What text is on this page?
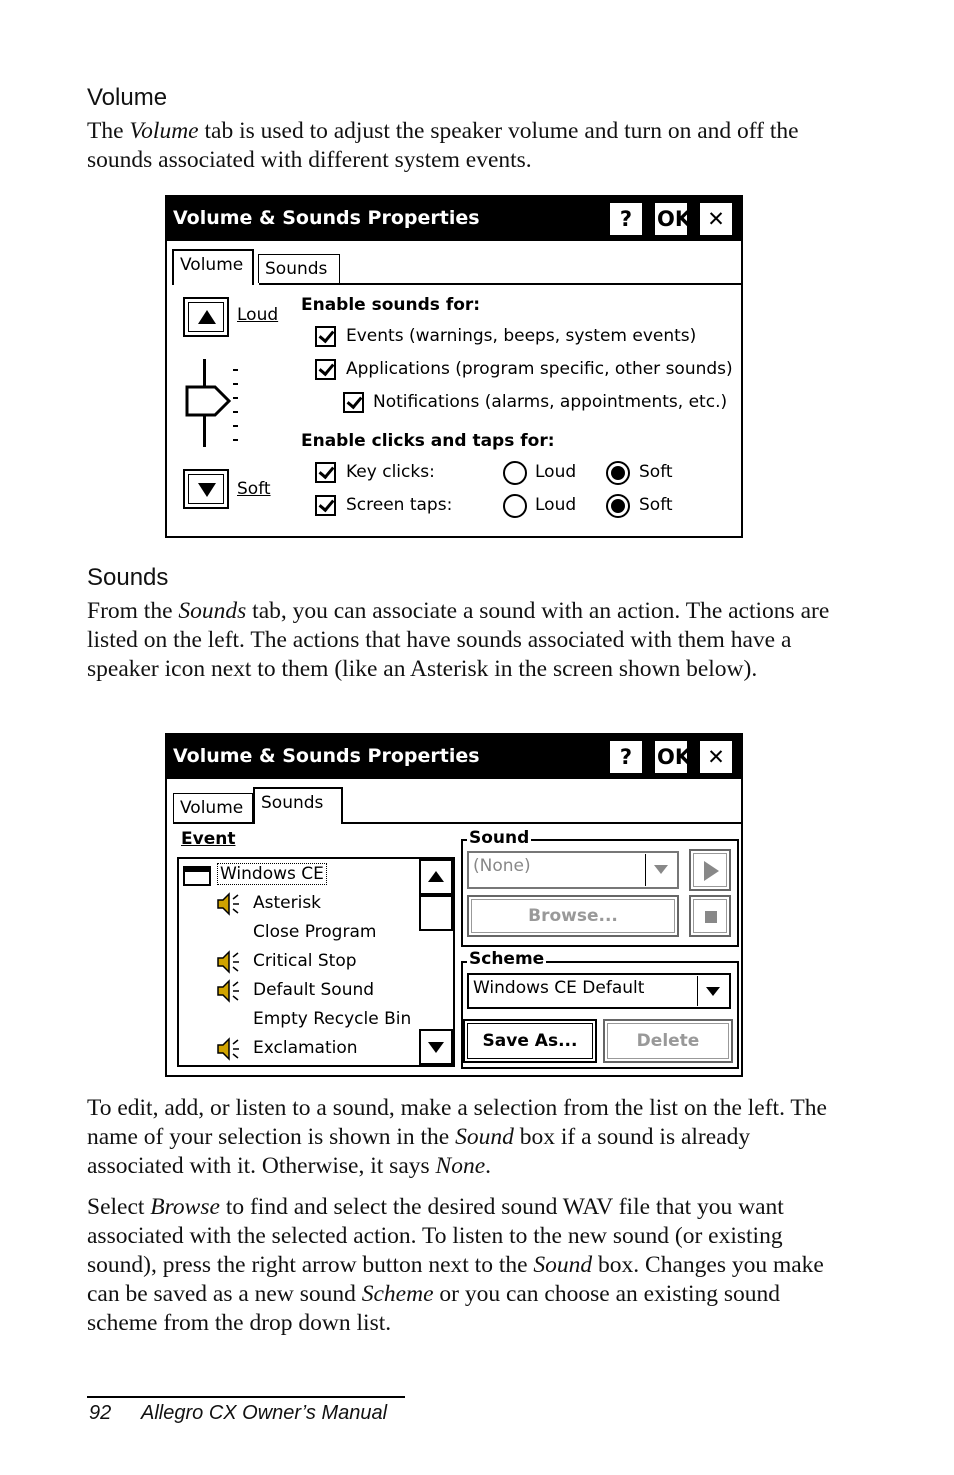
Volume

The Volume tab is used to adjust the speaker volume and turn on and off the sounds associated with different system events.

Volume & Sounds Properties	?	OK ✕
Volume	Sounds
Loud
Soft
Enable sounds for:
Events (warnings, beeps, system events)
Applications (program specific, other sounds)
Notifications (alarms, appointments, etc.)
Enable clicks and taps for:
Key clicks:	Loud	Soft
Screen taps:	Loud	Soft
Sounds

From the Sounds tab, you can associate a sound with an action. The actions are listed on the left. The actions that have sounds associated with them have a speaker icon next to them (like an Asterisk in the screen shown below).

Volume & Sounds Properties	?	OK ✕
Volume	Sounds
Event
Windows CE
Asterisk
Close Program
Critical Stop
Default Sound
Empty Recycle Bin
Exclamation
Sound
(None)
Browse...
Scheme
Windows CE Default
Save As...	Delete

To edit, add, or listen to a sound, make a selection from the list on the left. The name of your selection is shown in the Sound box if a sound is already associated with it. Otherwise, it says None.

Select Browse to find and select the desired sound WAV file that you want associated with the selected action. To listen to the new sound (or existing sound), press the right arrow button next to the Sound box. Changes you make can be saved as a new sound Scheme or you can choose an existing sound scheme from the drop down list.

92 Allegro CX Owner’s Manual
